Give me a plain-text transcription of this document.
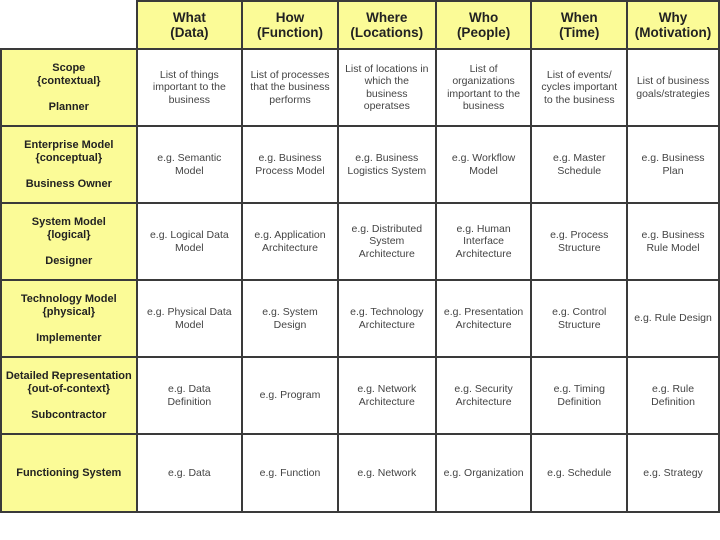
	What
(Data)	How
(Function)	Where
(Locations)	Who
(People)	When
(Time)	Why
(Motivation)

Scope
{contextual}
Planner	List of things
important to the
business	List of processes
that the business
performs	List of locations in
which the
business
operatses	List of
organizations
important to the
business	List of events/
cycles important
to the business	List of business
goals/strategies

Enterprise Model
{conceptual}
Business Owner	e.g. Semantic
Model	e.g. Business
Process Model	e.g. Business
Logistics System	e.g. Workflow
Model	e.g. Master
Schedule	e.g. Business
Plan

System Model
{logical}
Designer	e.g. Logical Data
Model	e.g. Application
Architecture	e.g. Distributed
System
Architecture	e.g. Human
Interface
Architecture	e.g. Process
Structure	e.g. Business
Rule Model

Technology Model
{physical}
Implementer	e.g. Physical Data
Model	e.g. System
Design	e.g. Technology
Architecture	e.g. Presentation
Architecture	e.g. Control
Structure	e.g. Rule Design

Detailed Representation
{out-of-context}
Subcontractor	e.g. Data
Definition	e.g. Program	e.g. Network
Architecture	e.g. Security
Architecture	e.g. Timing
Definition	e.g. Rule
Definition

Functioning System	e.g. Data	e.g. Function	e.g. Network	e.g. Organization	e.g. Schedule	e.g. Strategy
